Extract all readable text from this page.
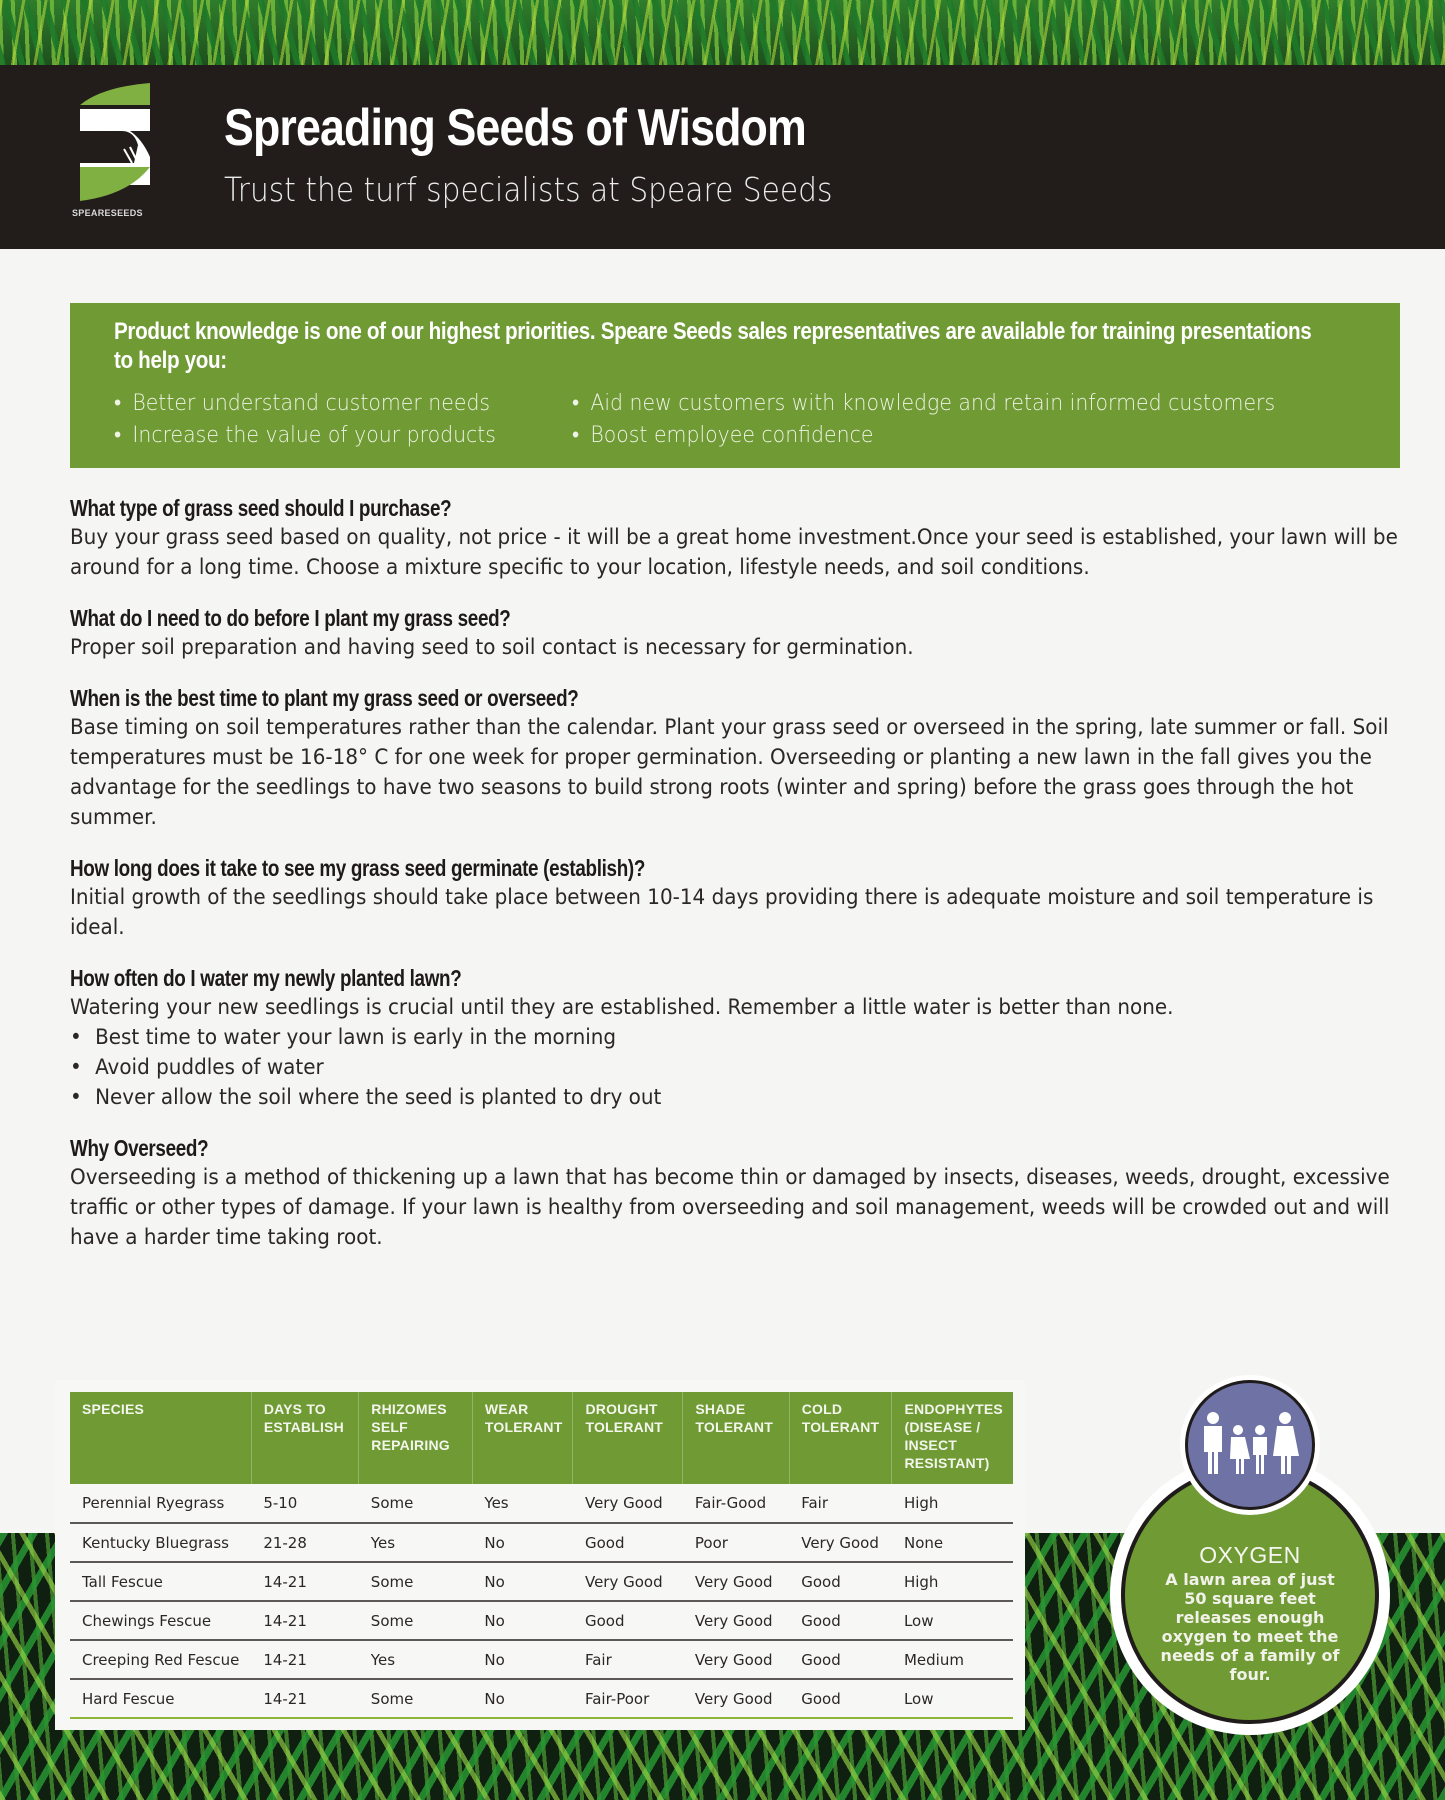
SPEARESEEDS
Spreading Seeds of Wisdom
Trust the turf specialists at Speare Seeds

Product knowledge is one of our highest priorities. Speare Seeds sales representatives are available for training presentations to help you:

• Better understand customer needs	• Aid new customers with knowledge and retain informed customers
• Increase the value of your products	• Boost employee confidence
What type of grass seed should I purchase?

Buy your grass seed based on quality, not price - it will be a great home investment.Once your seed is established, your lawn will be around for a long time. Choose a mixture specific to your location, lifestyle needs, and soil conditions.

What do I need to do before I plant my grass seed?

Proper soil preparation and having seed to soil contact is necessary for germination.

When is the best time to plant my grass seed or overseed?

Base timing on soil temperatures rather than the calendar. Plant your grass seed or overseed in the spring, late summer or fall. Soil temperatures must be 16-18° C for one week for proper germination. Overseeding or planting a new lawn in the fall gives you the advantage for the seedlings to have two seasons to build strong roots (winter and spring) before the grass goes through the hot summer.

How long does it take to see my grass seed germinate (establish)?

Initial growth of the seedlings should take place between 10-14 days providing there is adequate moisture and soil temperature is ideal.

How often do I water my newly planted lawn?

Watering your new seedlings is crucial until they are established. Remember a little water is better than none.

• Best time to water your lawn is early in the morning
• Avoid puddles of water
• Never allow the soil where the seed is planted to dry out
Why Overseed?

Overseeding is a method of thickening up a lawn that has become thin or damaged by insects, diseases, weeds, drought, excessive traffic or other types of damage. If your lawn is healthy from overseeding and soil management, weeds will be crowded out and will have a harder time taking root.

SPECIES	DAYS TO ESTABLISH	RHIZOMES SELF REPAIRING	WEAR TOLERANT	DROUGHT TOLERANT	SHADE TOLERANT	COLD TOLERANT	ENDOPHYTES (DISEASE / INSECT RESISTANT)
Perennial Ryegrass	5-10	Some	Yes	Very Good	Fair-Good	Fair	High
Kentucky Bluegrass	21-28	Yes	No	Good	Poor	Very Good	None
Tall Fescue	14-21	Some	No	Very Good	Very Good	Good	High
Chewings Fescue	14-21	Some	No	Good	Very Good	Good	Low
Creeping Red Fescue	14-21	Yes	No	Fair	Very Good	Good	Medium
Hard Fescue	14-21	Some	No	Fair-Poor	Very Good	Good	Low
OXYGEN
A lawn area of just 50 square feet releases enough oxygen to meet the needs of a family of four.
